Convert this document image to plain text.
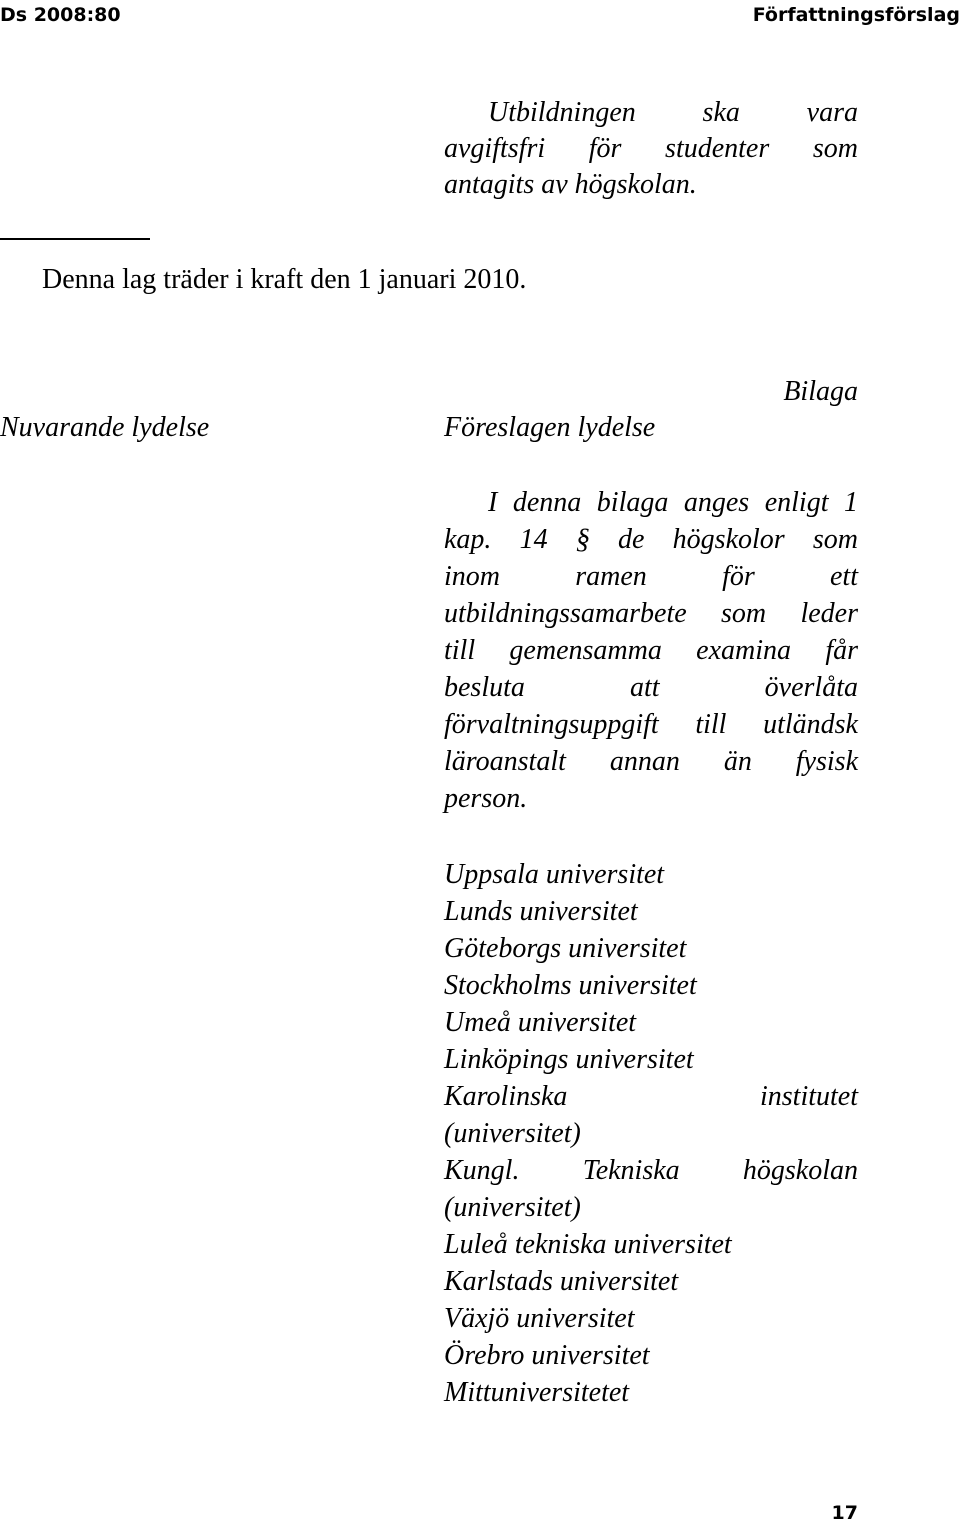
Ds 2008:80	Författningsförslag
Utbildningen ska vara
avgiftsfri för studenter som
antagits av högskolan.
Denna lag träder i kraft den 1 januari 2010.
Bilaga
Nuvarande lydelse	Föreslagen lydelse
I denna bilaga anges enligt 1
kap. 14 § de högskolor som
inom ramen för ett
utbildningssamarbete som leder
till gemensamma examina får
besluta att överlåta
förvaltningsuppgift till utländsk
läroanstalt annan än fysisk
person.
Uppsala universitet
Lunds universitet
Göteborgs universitet
Stockholms universitet
Umeå universitet
Linköpings universitet
Karolinska institutet
(universitet)
Kungl. Tekniska högskolan
(universitet)
Luleå tekniska universitet
Karlstads universitet
Växjö universitet
Örebro universitet
Mittuniversitetet
17
